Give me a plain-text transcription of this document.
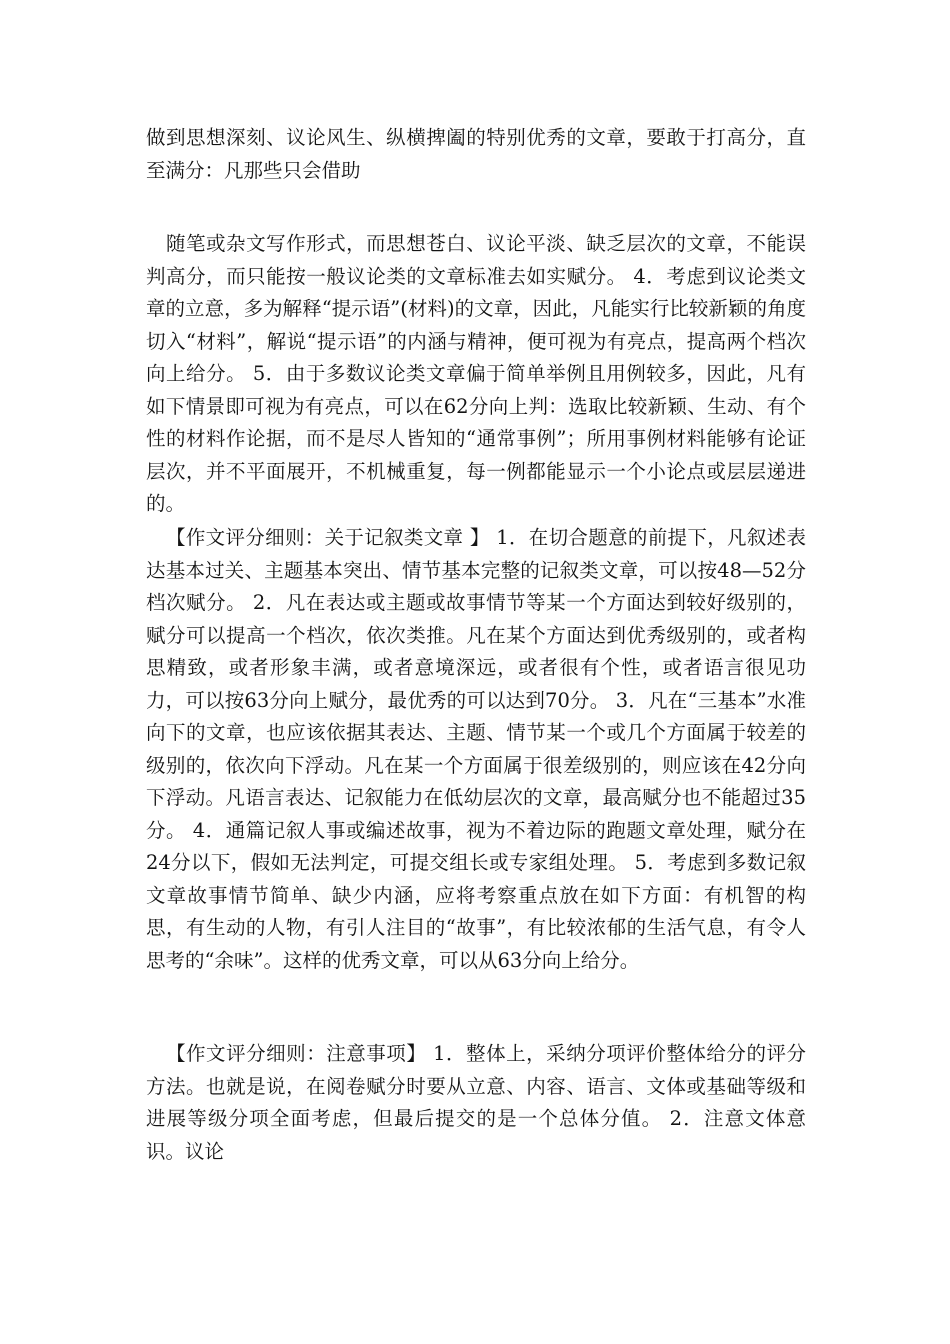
做到思想深刻、议论风生、纵横捭阖的特别优秀的文章，要敢于打高分，直至满分：凡那些只会借助

随笔或杂文写作形式，而思想苍白、议论平淡、缺乏层次的文章，不能误判高分，而只能按一般议论类的文章标准去如实赋分。 4．考虑到议论类文章的立意，多为解释“提示语”(材料)的文章，因此，凡能实行比较新颖的角度切入“材料”，解说“提示语”的内涵与精神，便可视为有亮点，提高两个档次向上给分。 5．由于多数议论类文章偏于简单举例且用例较多，因此，凡有如下情景即可视为有亮点，可以在62分向上判：选取比较新颖、生动、有个性的材料作论据，而不是尽人皆知的“通常事例”；所用事例材料能够有论证层次，并不平面展开，不机械重复，每一例都能显示一个小论点或层层递进的。

【作文评分细则：关于记叙类文章 】 1．在切合题意的前提下，凡叙述表达基本过关、主题基本突出、情节基本完整的记叙类文章，可以按48—52分档次赋分。 2．凡在表达或主题或故事情节等某一个方面达到较好级别的，赋分可以提高一个档次，依次类推。凡在某个方面达到优秀级别的，或者构思精致，或者形象丰满，或者意境深远，或者很有个性，或者语言很见功力，可以按63分向上赋分，最优秀的可以达到70分。 3．凡在“三基本”水准向下的文章，也应该依据其表达、主题、情节某一个或几个方面属于较差的级别的，依次向下浮动。凡在某一个方面属于很差级别的，则应该在42分向下浮动。凡语言表达、记叙能力在低幼层次的文章，最高赋分也不能超过35分。 4．通篇记叙人事或编述故事，视为不着边际的跑题文章处理，赋分在24分以下，假如无法判定，可提交组长或专家组处理。 5．考虑到多数记叙文章故事情节简单、缺少内涵，应将考察重点放在如下方面：有机智的构思，有生动的人物，有引人注目的“故事”，有比较浓郁的生活气息，有令人思考的“余味”。这样的优秀文章，可以从63分向上给分。

【作文评分细则：注意事项】 1．整体上，采纳分项评价整体给分的评分方法。也就是说，在阅卷赋分时要从立意、内容、语言、文体或基础等级和进展等级分项全面考虑，但最后提交的是一个总体分值。 2．注意文体意识。议论
